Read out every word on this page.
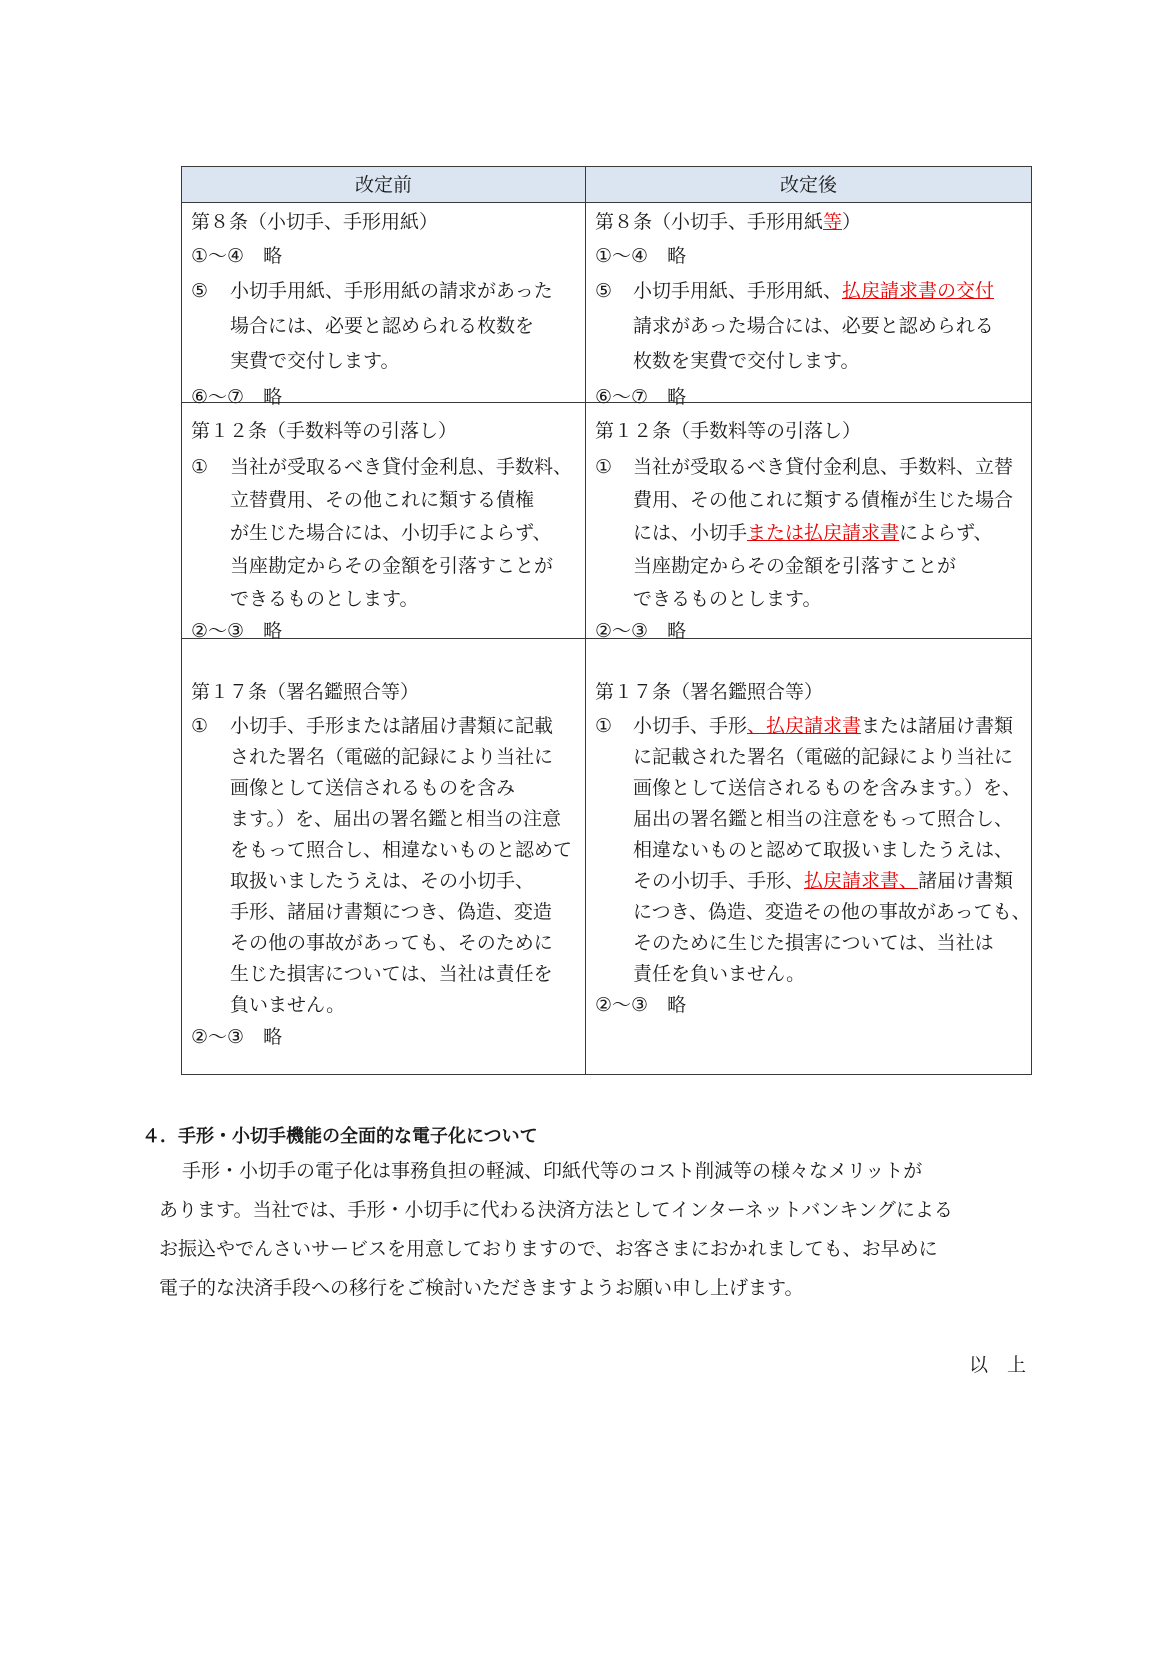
改定前	改定後
第８条（小切手、手形用紙）
①～④　略
⑤ 小切手用紙、手形用紙の請求があった
場合には、必要と認められる枚数を
実費で交付します。
⑥～⑦　略
第８条（小切手、手形用紙等）
①～④　略
⑤ 小切手用紙、手形用紙、払戻請求書の交付
請求があった場合には、必要と認められる
枚数を実費で交付します。
⑥～⑦　略
第１２条（手数料等の引落し）
① 当社が受取るべき貸付金利息、手数料、
立替費用、その他これに類する債権
が生じた場合には、小切手によらず、
当座勘定からその金額を引落すことが
できるものとします。
②～③　略
第１２条（手数料等の引落し）
① 当社が受取るべき貸付金利息、手数料、立替
費用、その他これに類する債権が生じた場合
には、小切手または払戻請求書によらず、
当座勘定からその金額を引落すことが
できるものとします。
②～③　略
第１７条（署名鑑照合等）
① 小切手、手形または諸届け書類に記載
された署名（電磁的記録により当社に
画像として送信されるものを含み
ます。）を、届出の署名鑑と相当の注意
をもって照合し、相違ないものと認めて
取扱いましたうえは、その小切手、
手形、諸届け書類につき、偽造、変造
その他の事故があっても、そのために
生じた損害については、当社は責任を
負いません。
②～③　略
第１７条（署名鑑照合等）
① 小切手、手形、払戻請求書または諸届け書類
に記載された署名（電磁的記録により当社に
画像として送信されるものを含みます。）を、
届出の署名鑑と相当の注意をもって照合し、
相違ないものと認めて取扱いましたうえは、
その小切手、手形、払戻請求書、諸届け書類
につき、偽造、変造その他の事故があっても、
そのために生じた損害については、当社は
責任を負いません。
②～③　略
４．手形・小切手機能の全面的な電子化について
手形・小切手の電子化は事務負担の軽減、印紙代等のコスト削減等の様々なメリットが
あります。当社では、手形・小切手に代わる決済方法としてインターネットバンキングによる
お振込やでんさいサービスを用意しておりますので、お客さまにおかれましても、お早めに
電子的な決済手段への移行をご検討いただきますようお願い申し上げます。
以　上
